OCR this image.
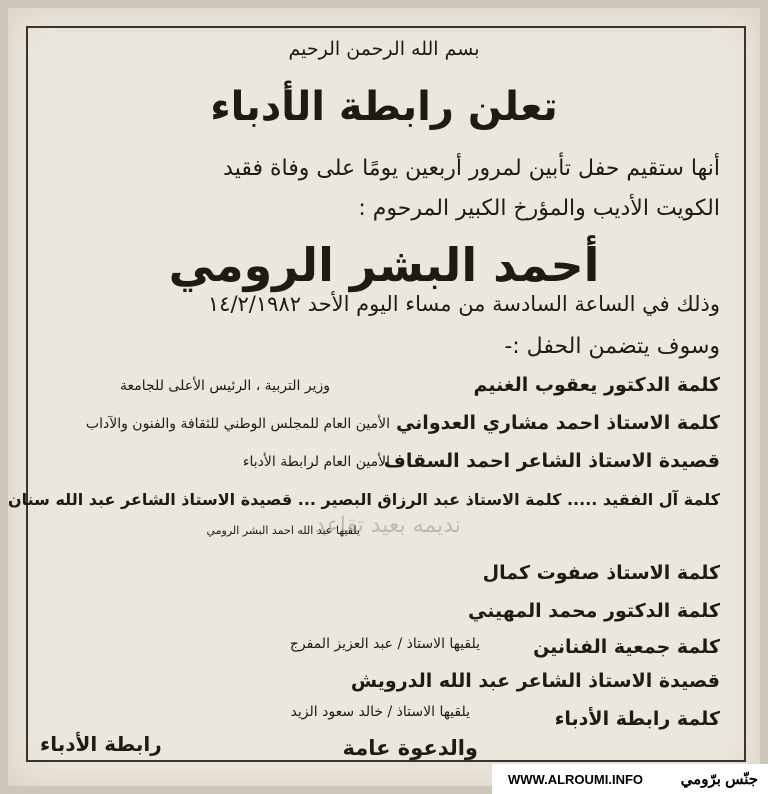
بسم الله الرحمن الرحيم
تعلن رابطة الأدباء
أنها ستقيم حفل تأبين لمرور أربعين يومًا على وفاة فقيد
الكويت الأديب والمؤرخ الكبير المرحوم :
أحمد البشر الرومي
وذلك في الساعة السادسة من مساء اليوم الأحد ١٤/٢/١٩٨٢
وسوف يتضمن الحفل :-
كلمة الدكتور يعقوب الغنيم
وزير التربية ، الرئيس الأعلى للجامعة
كلمة الاستاذ احمد مشاري العدواني
الأمين العام للمجلس الوطني للثقافة والفنون والآداب
قصيدة الاستاذ الشاعر احمد السقاف
الأمين العام لرابطة الأدباء
كلمة آل الفقيد ..... كلمة الاستاذ عبد الرزاق البصير ... قصيدة الاستاذ الشاعر عبد الله سنان
نديمه بعيد تقاعد
يلقيها عبد الله احمد البشر الرومي
كلمة الاستاذ صفوت كمال
كلمة الدكتور محمد المهيني
كلمة جمعية الفنانين
يلقيها الاستاذ / عبد العزيز المفرج
قصيدة الاستاذ الشاعر عبد الله الدرويش
كلمة رابطة الأدباء
يلقيها الاستاذ / خالد سعود الزيد
والدعوة عامة
رابطة الأدباء
WWW.ALROUMI.INFO	جنّس برّومي
